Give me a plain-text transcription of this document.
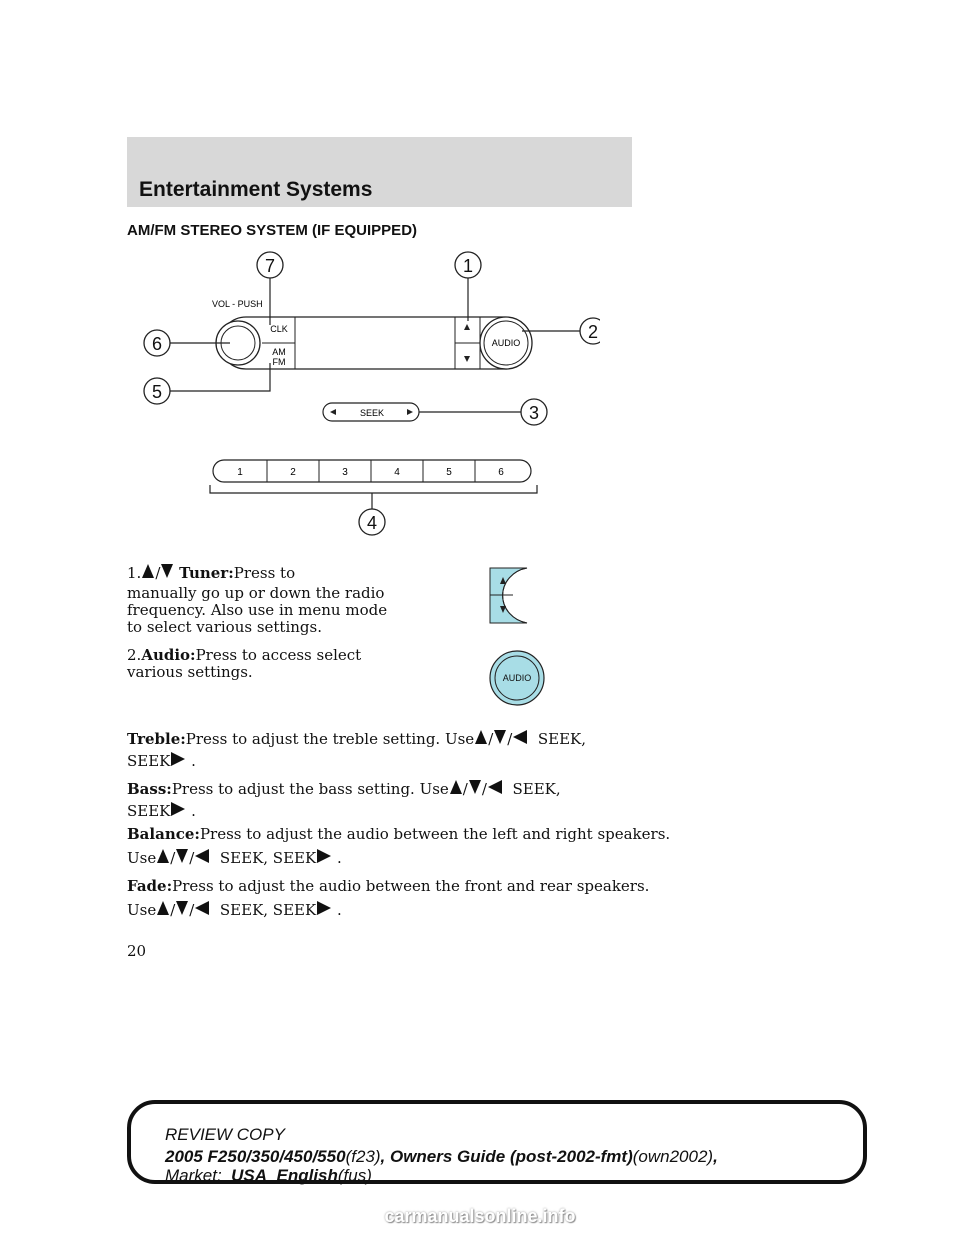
Entertainment Systems
AM/FM STEREO SYSTEM (IF EQUIPPED)
CLK
AM
FM
AUDIO
VOL - PUSH
SEEK
1	2	3	4	5	6
7	1
6
2
5
3
4
1. / Tuner:Press to
manually go up or down the radio
frequency. Also use in menu mode
to select various settings.
2.Audio:Press to access select
various settings.	AUDIO
Treble:Press to adjust the treble setting. Use / / SEEK,
SEEK .
Bass:Press to adjust the bass setting. Use / / SEEK,
SEEK .
Balance:Press to adjust the audio between the left and right speakers.
Use / / SEEK, SEEK .
Fade:Press to adjust the audio between the front and rear speakers.
Use / / SEEK, SEEK .
20
REVIEW COPY
2005 F250/350/450/550(f23), Owners Guide (post-2002-fmt)(own2002),
Market: USA_English(fus)
carmanualsonline.info
